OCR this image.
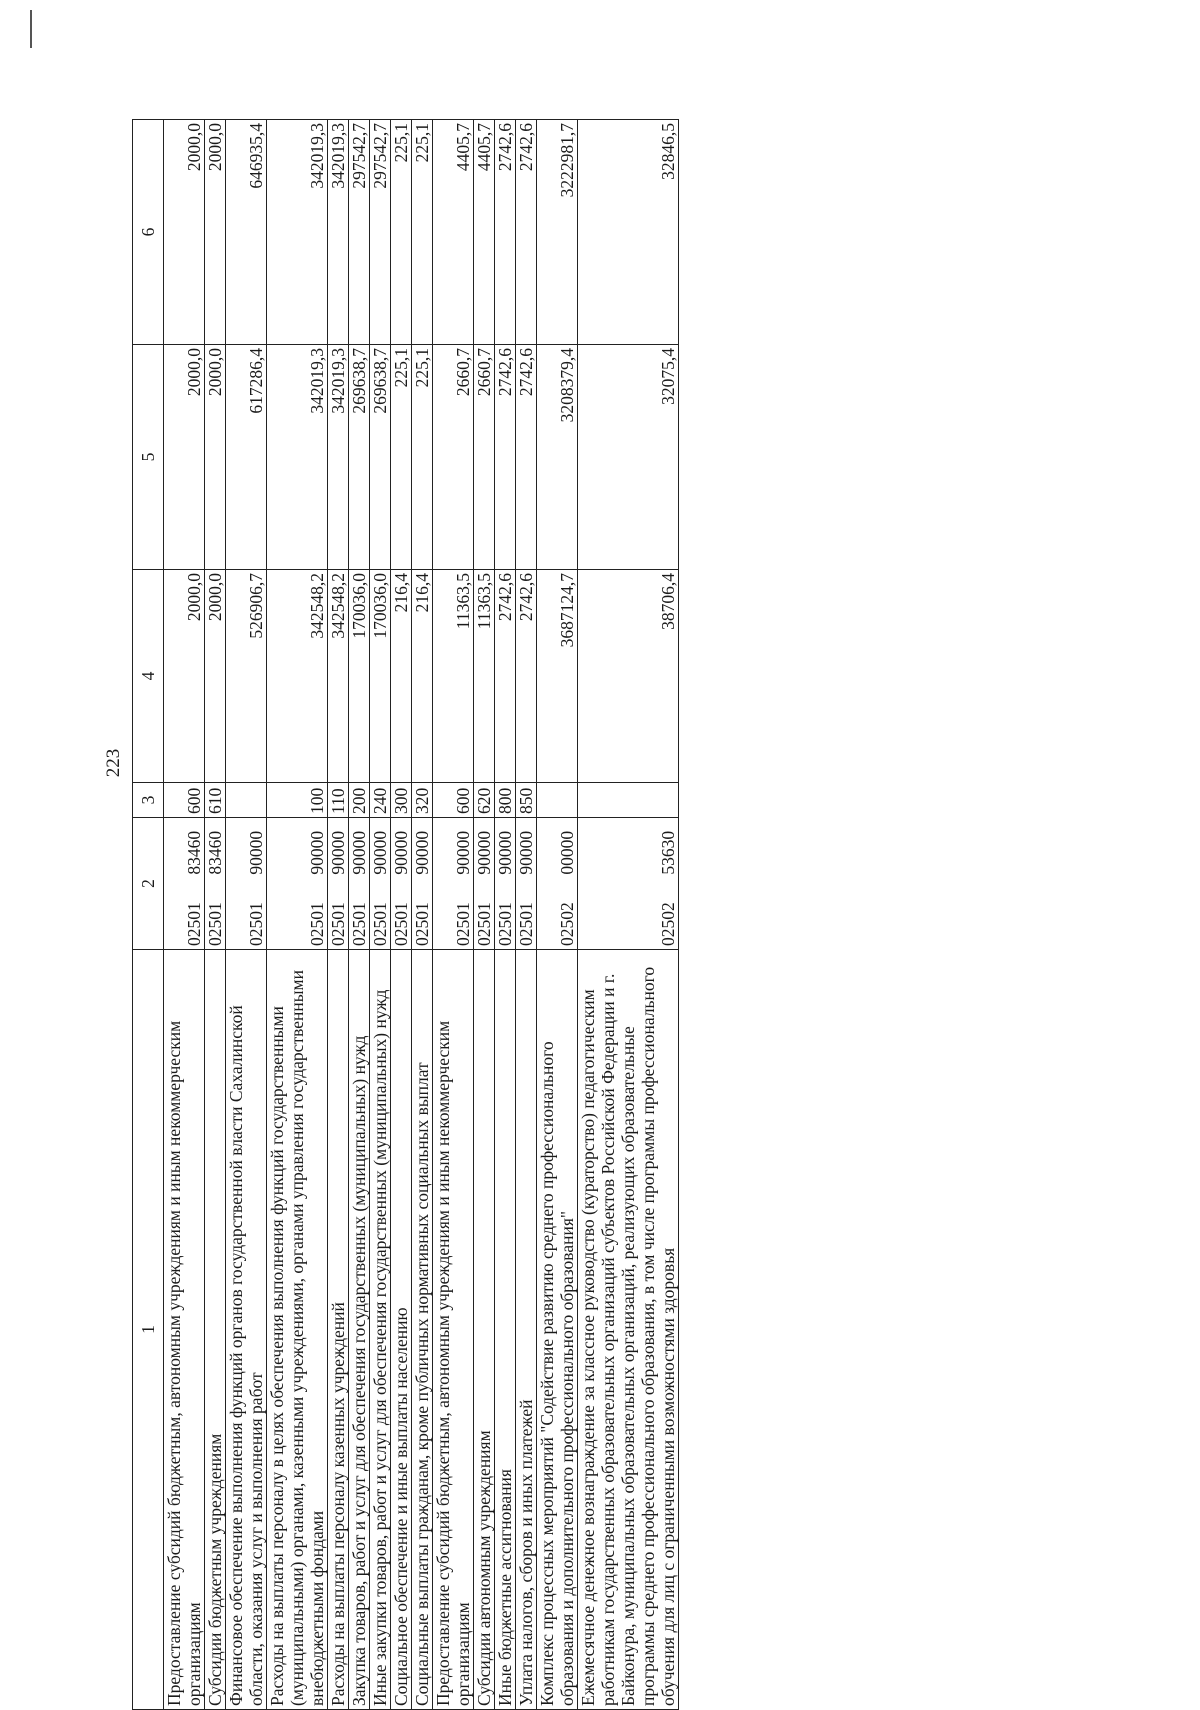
223
1	2		3	4	5	6
Предоставление субсидий бюджетным, автономным учреждениям и иным некоммерческим организациям	02501	83460	600	2000,0	2000,0	2000,0
Субсидии бюджетным учреждениям	02501	83460	610	2000,0	2000,0	2000,0
Финансовое обеспечение выполнения функций органов государственной власти Сахалинской области, оказания услуг и выполнения работ	02501	90000		526906,7	617286,4	646935,4
Расходы на выплаты персоналу в целях обеспечения выполнения функций государственными (муниципальными) органами, казенными учреждениями, органами управления государственными внебюджетными фондами	02501	90000	100	342548,2	342019,3	342019,3
Расходы на выплаты персоналу казенных учреждений	02501	90000	110	342548,2	342019,3	342019,3
Закупка товаров, работ и услуг для обеспечения государственных (муниципальных) нужд	02501	90000	200	170036,0	269638,7	297542,7
Иные закупки товаров, работ и услуг для обеспечения государственных (муниципальных) нужд	02501	90000	240	170036,0	269638,7	297542,7
Социальное обеспечение и иные выплаты населению	02501	90000	300	216,4	225,1	225,1
Социальные выплаты гражданам, кроме публичных нормативных социальных выплат	02501	90000	320	216,4	225,1	225,1
Предоставление субсидий бюджетным, автономным учреждениям и иным некоммерческим организациям	02501	90000	600	11363,5	2660,7	4405,7
Субсидии автономным учреждениям	02501	90000	620	11363,5	2660,7	4405,7
Иные бюджетные ассигнования	02501	90000	800	2742,6	2742,6	2742,6
Уплата налогов, сборов и иных платежей	02501	90000	850	2742,6	2742,6	2742,6
Комплекс процессных мероприятий "Содействие развитию среднего профессионального образования и дополнительного профессионального образования"	02502	00000		3687124,7	3208379,4	3222981,7
Ежемесячное денежное вознаграждение за классное руководство (кураторство) педагогическим работникам государственных образовательных организаций субъектов Российской Федерации и г. Байконура, муниципальных образовательных организаций, реализующих образовательные программы среднего профессионального образования, в том числе программы профессионального обучения для лиц с ограниченными возможностями здоровья	02502	53630		38706,4	32075,4	32846,5
